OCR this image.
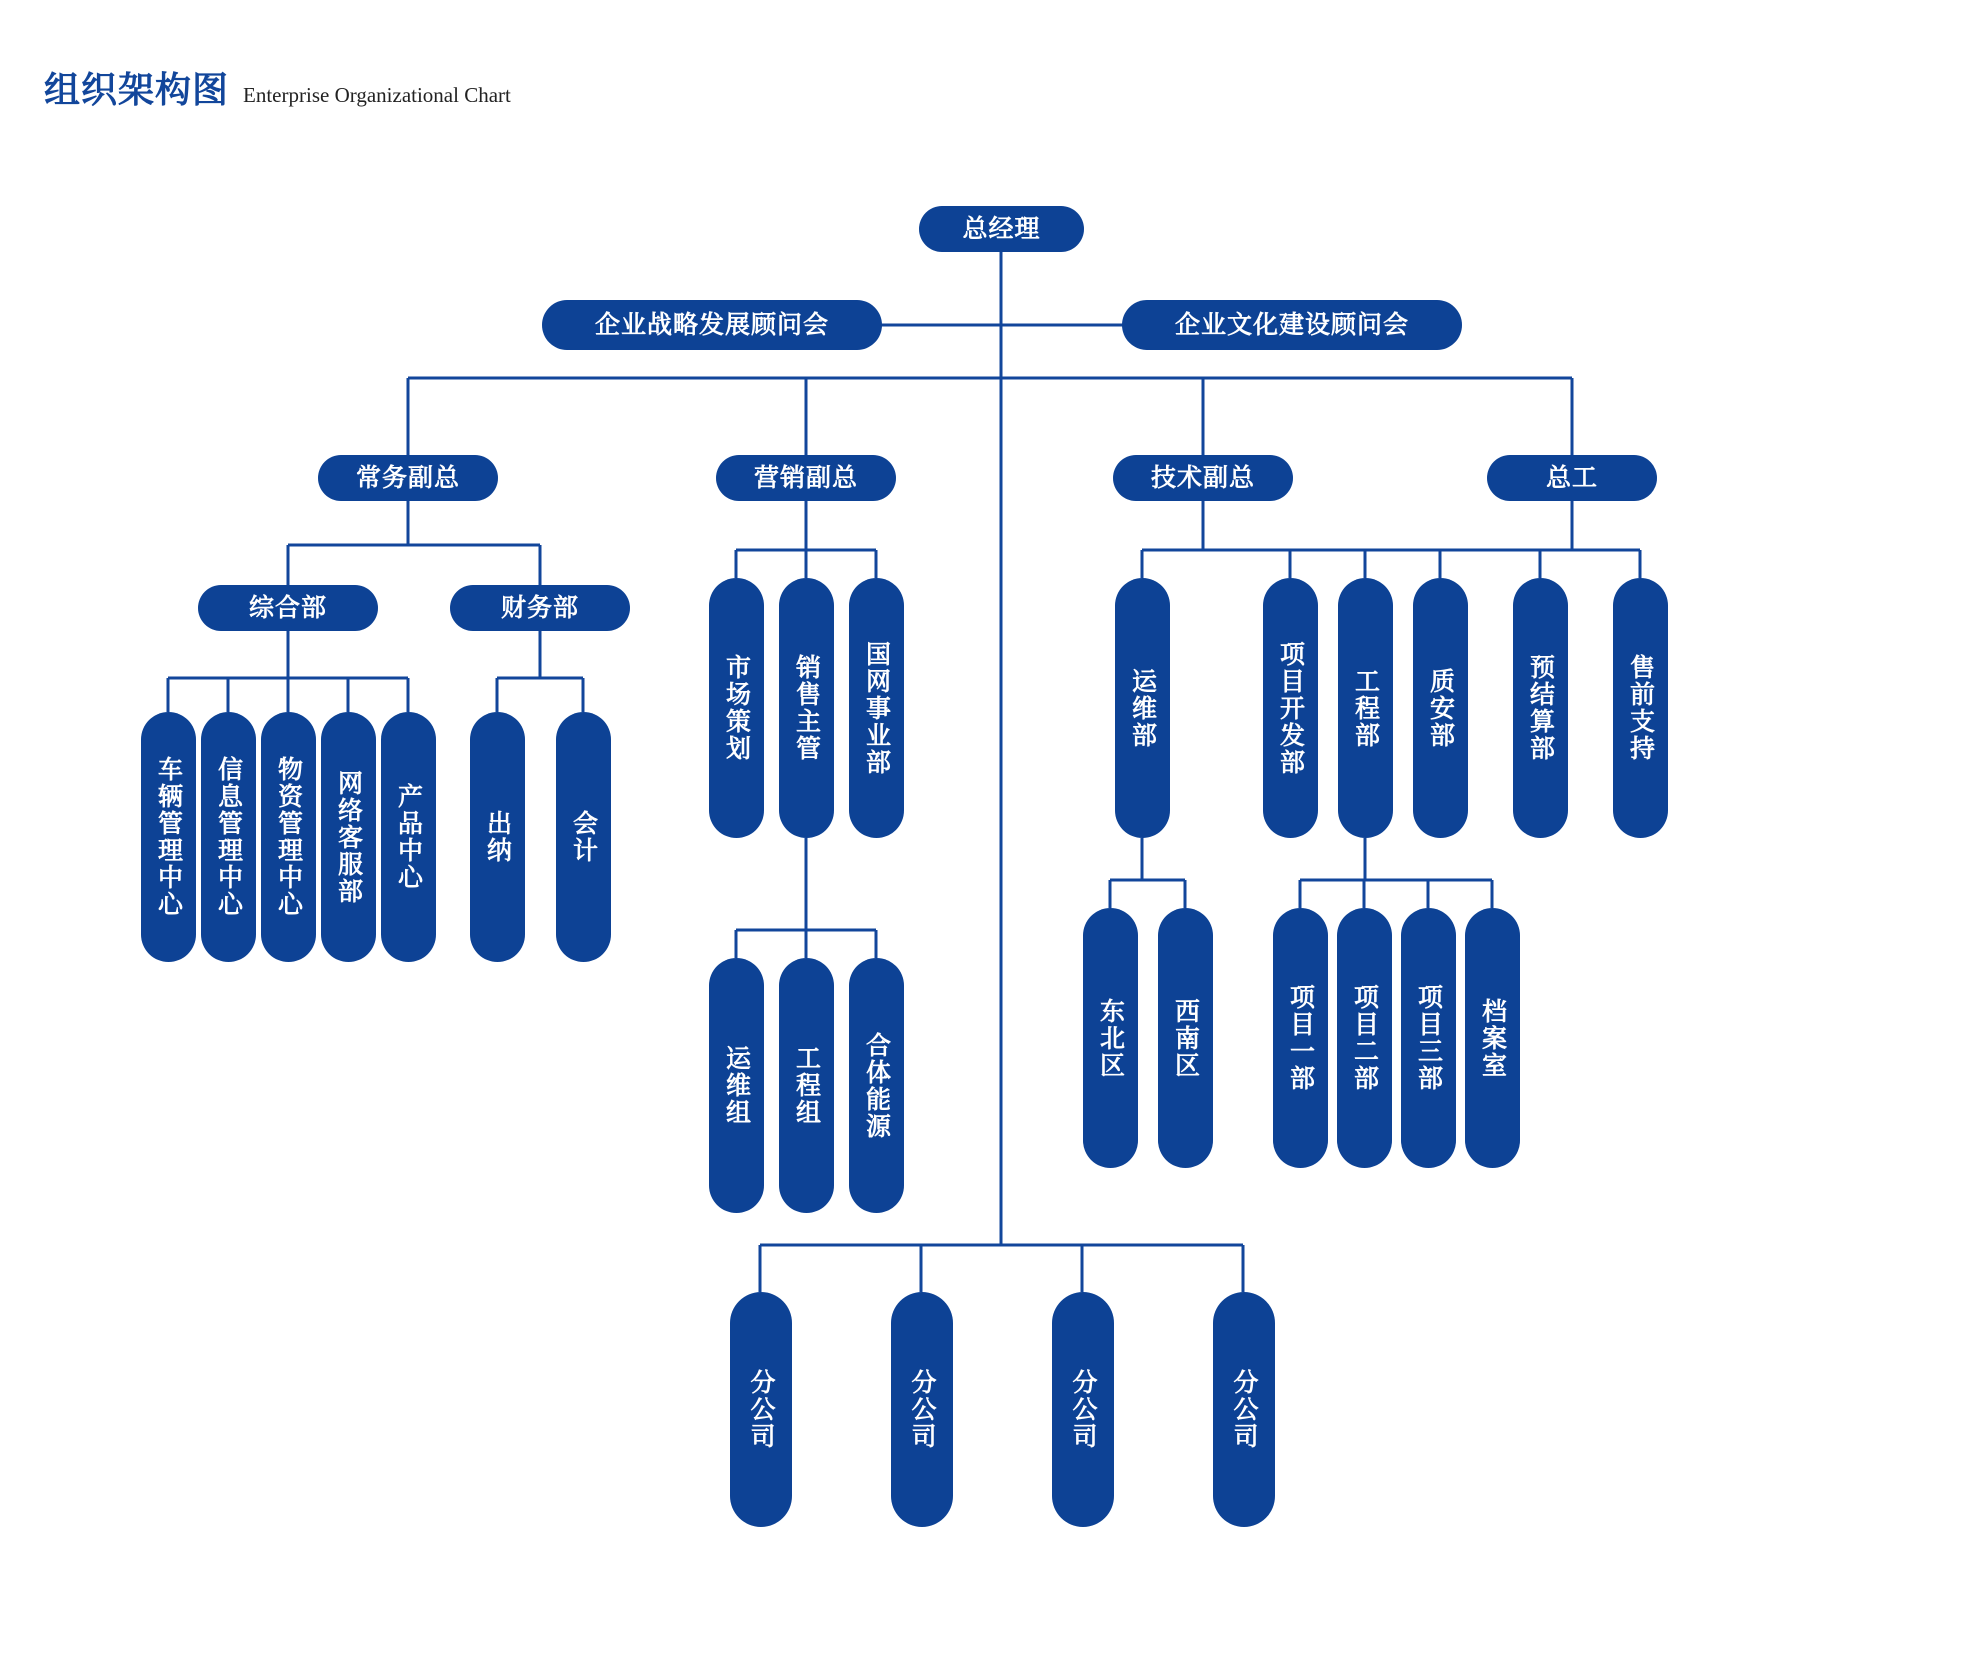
组织架构图 Enterprise Organizational Chart
总经理
企业战略发展顾问会	企业文化建设顾问会
常务副总	营销副总	技术副总	总工
综合部	财务部
车辆管理中心 信息管理中心 物资管理中心 网络客服部 产品中心 出纳 会计
市场策划 销售主管 国网事业部
运维组 工程组 合体能源
运维部	项目开发部 工程部 质安部	预结算部	售前支持
东北区 西南区	项目一部 项目二部 项目三部 档案室
分公司	分公司	分公司	分公司
